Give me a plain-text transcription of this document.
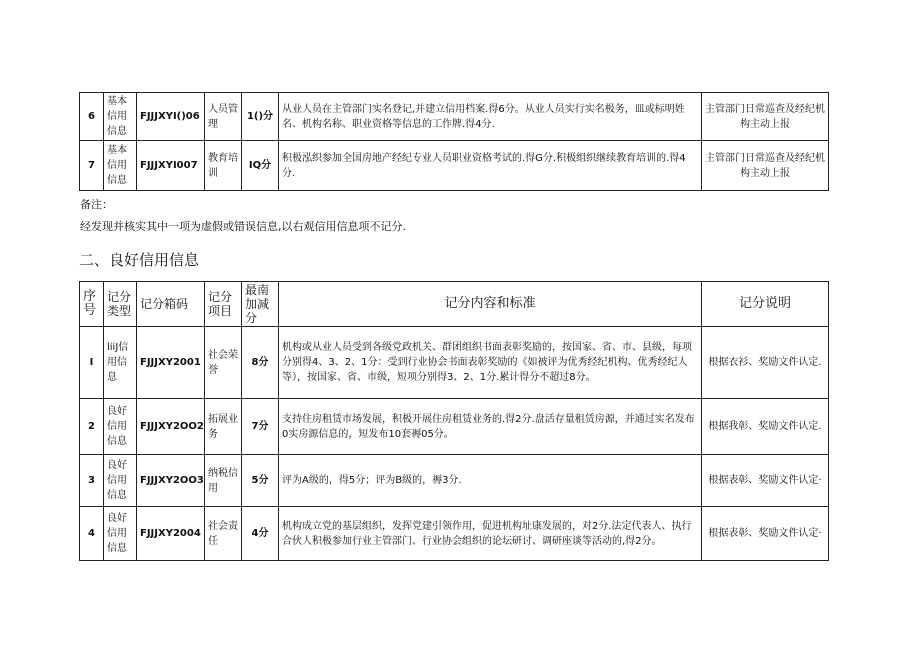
6	基本信用信息	FJJJXYI()06	人员管理	1()分	从业人员在主管部门实名登记,并建立信用档案.得6分。从业人员实行实名极务，皿或标明姓名、机构名称、职业资格等信息的工作牌.得4分.	主管部门日常巡查及经纪机构主动上报
7	基本信用信息	FJJJXYI007	教育培训	IQ分	积极泓织参加全国房地产经纪专业人员职业资格考试的.得G分.积极组织继续教育培训的.得4分.	主管部门日常巡查及经纪机构主动上报
备注：
经发现并核实其中一项为虚假或错误信息,以右观信用信息项不记分.
二、良好信用信息
序号	记分类型	记分箱码	记分项目	最南加减分	记分内容和标准	记分说明
I	liiJ信用信息	FJJJXY2001	社会荣誉	8分	机构或从业人员受到各级党政机关、群团组织书面表彰奖励的，按国家、省、市、县级，每项分别得4、3、2、1分：受到行业协会书面表彰奖励的《如被评为优秀经纪机构、优秀经纪人等），按国家、省、市级，短项分别得3、2、1分.累计得分不超过8分。	根据衣衫、奖励文件认定.
2	良好信用信息	FJJJXY2OO2	拓展业务	7分	支持住房租赁市场发展，积极开展住房租赁业务的.得2分.盘活存量租赁房源，并通过实名发布0实房源信息的，短发布10套褥05分。	根据我彰、奖励文件认定.
3	良好信用信息	FJJJXY2OO3	纳税信用	5分	评为A级的，得5分；评为B级的，褥3分.	根据表彰、奖励文件认定·
4	良好信用信息	FJJJXY2004	社会责任	4分	机构成立党的基层组织，发挥党建引领作用，促进机构址康发展的，对2分.法定代表人、执行合伙人积极参加行业主管部门、行业协会组织的论坛研讨、调研座谈等活动的,得2分。	根据表彰、奖励文件认定·
